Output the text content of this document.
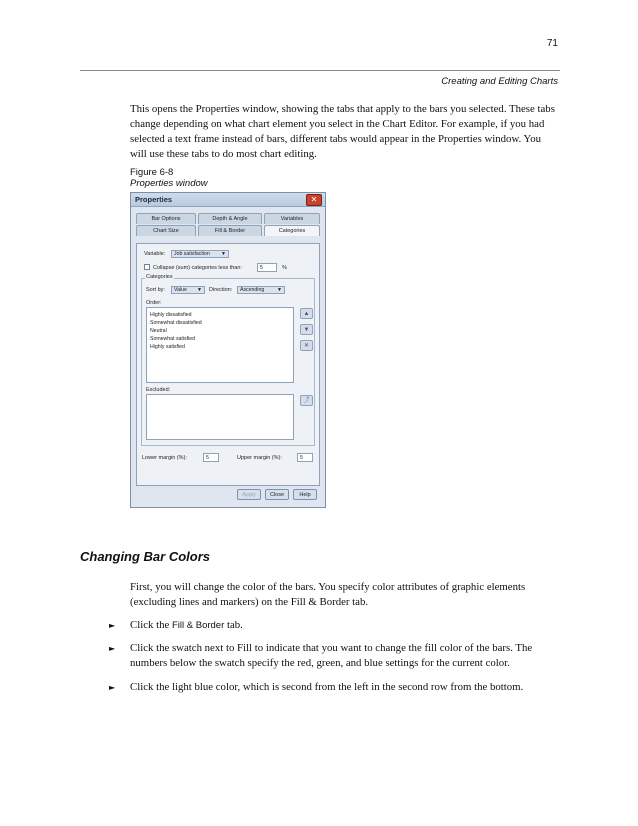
71
Creating and Editing Charts

This opens the Properties window, showing the tabs that apply to the bars you selected. These tabs change depending on what chart element you select in the Chart Editor. For example, if you had selected a text frame instead of bars, different tabs would appear in the Properties window. You will use these tabs to do most chart editing.

Figure 6-8
Properties window
Properties	✕
Bar Options	Depth & Angle	Variables
Chart Size	Fill & Border	Categories
Variable:	Job satisfaction ▼
Collapse (sum) categories less than:	5	%
Categories
Sort by:	Value ▼ Direction:	Ascending	▼
Order:
Highly dissatisfied
Somewhat dissatisfied
Neutral
Somewhat satisfied
Highly satisfied
▲
▼
✕
Excluded:
⤴
Lower margin (%):	5	Upper margin (%):	5
Apply	Close	Help
Changing Bar Colors

First, you will change the color of the bars. You specify color attributes of graphic elements (excluding lines and markers) on the Fill & Border tab.

► Click the Fill & Border tab.
► Click the swatch next to Fill to indicate that you want to change the fill color of the bars. The numbers below the swatch specify the red, green, and blue settings for the current color.
► Click the light blue color, which is second from the left in the second row from the bottom.
